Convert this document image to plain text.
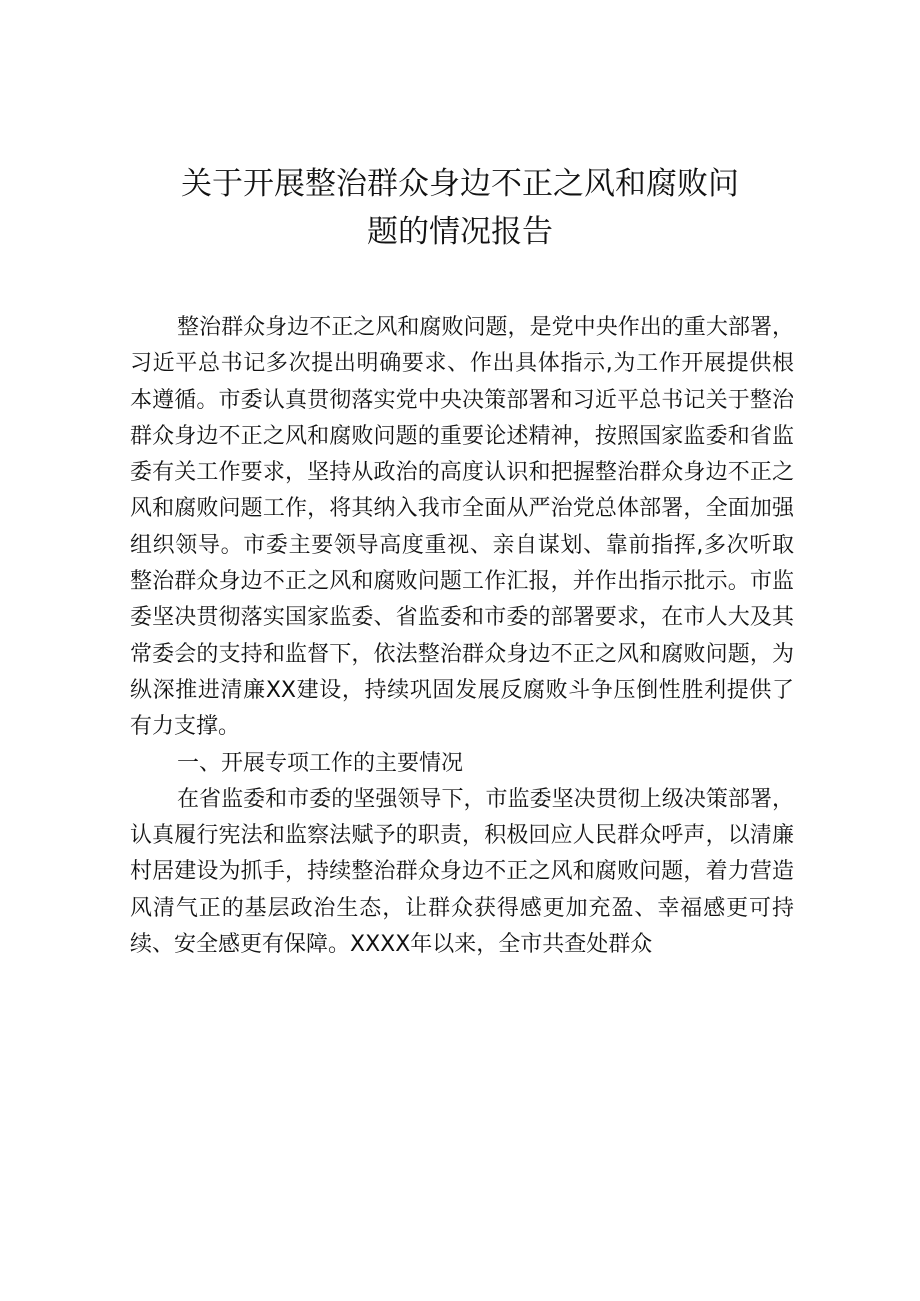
关于开展整治群众身边不正之风和腐败问
题的情况报告

整治群众身边不正之风和腐败问题，是党中央作出的重大部署，习近平总书记多次提出明确要求、作出具体指示,为工作开展提供根本遵循。市委认真贯彻落实党中央决策部署和习近平总书记关于整治群众身边不正之风和腐败问题的重要论述精神，按照国家监委和省监委有关工作要求，坚持从政治的高度认识和把握整治群众身边不正之风和腐败问题工作，将其纳入我市全面从严治党总体部署，全面加强组织领导。市委主要领导高度重视、亲自谋划、靠前指挥,多次听取整治群众身边不正之风和腐败问题工作汇报，并作出指示批示。市监委坚决贯彻落实国家监委、省监委和市委的部署要求，在市人大及其常委会的支持和监督下，依法整治群众身边不正之风和腐败问题，为纵深推进清廉XX建设，持续巩固发展反腐败斗争压倒性胜利提供了有力支撑。

一、开展专项工作的主要情况

在省监委和市委的坚强领导下，市监委坚决贯彻上级决策部署，认真履行宪法和监察法赋予的职责，积极回应人民群众呼声，以清廉村居建设为抓手，持续整治群众身边不正之风和腐败问题，着力营造风清气正的基层政治生态，让群众获得感更加充盈、幸福感更可持续、安全感更有保障。XXXX年以来，全市共查处群众
